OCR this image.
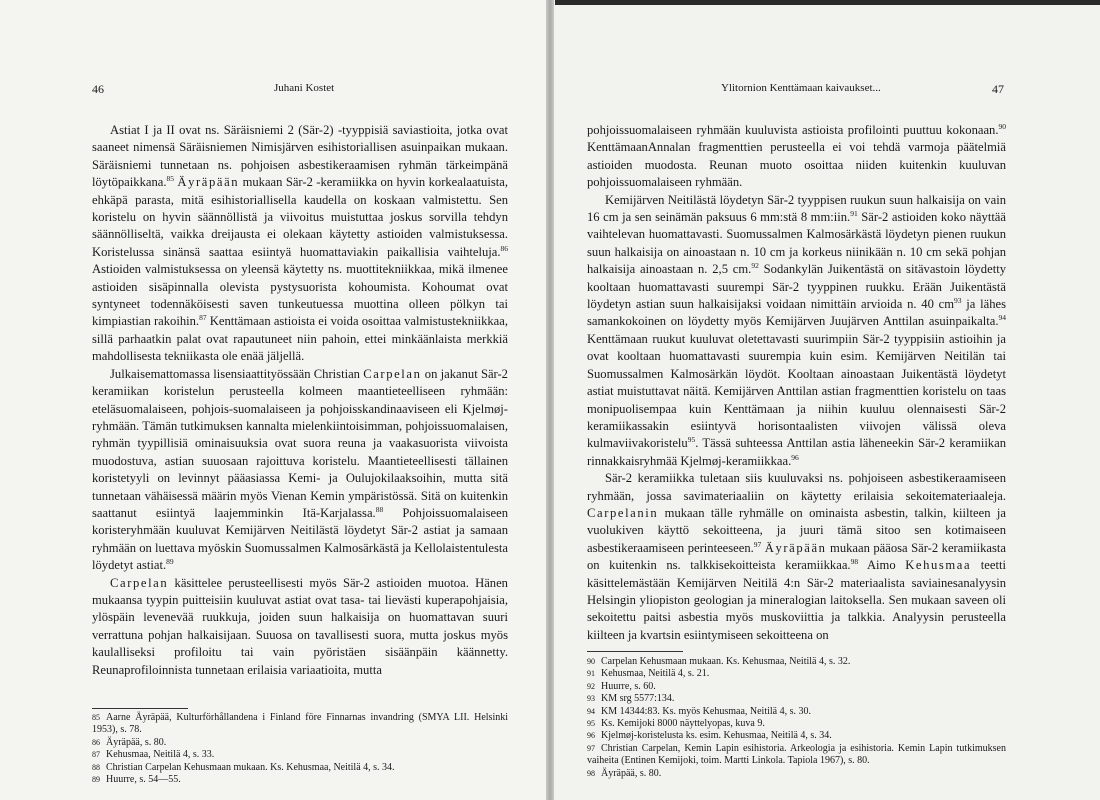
46	Juhani Kostet

Astiat I ja II ovat ns. Säräisniemi 2 (Sär-2) -tyyppisiä saviastioita, jotka ovat saaneet nimensä Säräisniemen Nimisjärven esihistoriallisen asuinpaikan mukaan. Säräisniemi tunnetaan ns. pohjoisen asbestikeraamisen ryhmän tärkeimpänä löytöpaikkana.$^{85}$ Äyräpään mukaan Sär-2 -keramiikka on hyvin korkealaatuista, ehkäpä parasta, mitä esihistoriallisella kaudella on koskaan valmistettu. Sen koristelu on hyvin säännöllistä ja viivoitus muistuttaa joskus sorvilla tehdyn säännölliseltä, vaikka dreijausta ei olekaan käytetty astioiden valmistuksessa. Koristelussa sinänsä saattaa esiintyä huomattaviakin paikallisia vaihteluja.$^{86}$ Astioiden valmistuksessa on yleensä käytetty ns. muottitekniikkaa, mikä ilmenee astioiden sisäpinnalla olevista pystysuorista kohoumista. Kohoumat ovat syntyneet todennäköisesti saven tunkeutuessa muottina olleen pölkyn tai kimpiastian rakoihin.$^{87}$ Kenttämaan astioista ei voida osoittaa valmistustekniikkaa, sillä parhaatkin palat ovat rapautuneet niin pahoin, ettei minkäänlaista merkkiä mahdollisesta tekniikasta ole enää jäljellä.

Julkaisemattomassa lisensiaattityössään Christian Carpelan on jakanut Sär-2 keramiikan koristelun perusteella kolmeen maantieteelliseen ryhmään: eteläsuomalaiseen, pohjois-suomalaiseen ja pohjoisskandinaaviseen eli Kjelmøj-ryhmään. Tämän tutkimuksen kannalta mielenkiintoisimman, pohjoissuomalaisen, ryhmän tyypillisiä ominaisuuksia ovat suora reuna ja vaakasuorista viivoista muodostuva, astian suuosaan rajoittuva koristelu. Maantieteellisesti tällainen koristetyyli on levinnyt pääasiassa Kemi- ja Oulujokilaaksoihin, mutta sitä tunnetaan vähäisessä määrin myös Vienan Kemin ympäristössä. Sitä on kuitenkin saattanut esiintyä laajemminkin Itä-Karjalassa.$^{88}$ Pohjoissuomalaiseen koristeryhmään kuuluvat Kemijärven Neitilästä löydetyt Sär-2 astiat ja samaan ryhmään on luettava myöskin Suomussalmen Kalmosärkästä ja Kellolaistentulesta löydetyt astiat.$^{89}$

Carpelan käsittelee perusteellisesti myös Sär-2 astioiden muotoa. Hänen mukaansa tyypin puitteisiin kuuluvat astiat ovat tasa- tai lievästi kuperapohjaisia, ylöspäin levenevää ruukkuja, joiden suun halkaisija on huomattavan suuri verrattuna pohjan halkaisijaan. Suuosa on tavallisesti suora, mutta joskus myös kaulalliseksi profiloitu tai vain pyöristäen sisäänpäin käännetty. Reunaprofiloinnista tunnetaan erilaisia variaatioita, mutta

85 Aarne Äyräpää, Kulturförhållandena i Finland före Finnarnas invandring (SMYA LII. Helsinki 1953), s. 78.
86 Äyräpää, s. 80.
87 Kehusmaa, Neitilä 4, s. 33.
88 Christian Carpelan Kehusmaan mukaan. Ks. Kehusmaa, Neitilä 4, s. 34.
89 Huurre, s. 54—55.
Ylitornion Kenttämaan kaivaukset...	47

pohjoissuomalaiseen ryhmään kuuluvista astioista profilointi puuttuu kokonaan.$^{90}$ KenttämaanAnnalan fragmenttien perusteella ei voi tehdä varmoja päätelmiä astioiden muodosta. Reunan muoto osoittaa niiden kuitenkin kuuluvan pohjoissuomalaiseen ryhmään.

Kemijärven Neitilästä löydetyn Sär-2 tyyppisen ruukun suun halkaisija on vain 16 cm ja sen seinämän paksuus 6 mm:stä 8 mm:iin.$^{91}$ Sär-2 astioiden koko näyttää vaihtelevan huomattavasti. Suomussalmen Kalmosärkästä löydetyn pienen ruukun suun halkaisija on ainoastaan n. 10 cm ja korkeus niinikään n. 10 cm sekä pohjan halkaisija ainoastaan n. 2,5 cm.$^{92}$ Sodankylän Juikentästä on sitävastoin löydetty kooltaan huomattavasti suurempi Sär-2 tyyppinen ruukku. Erään Juikentästä löydetyn astian suun halkaisijaksi voidaan nimittäin arvioida n. 40 $cm^{93}$ ja lähes samankokoinen on löydetty myös Kemijärven Juujärven Anttilan asuinpaikalta.$^{94}$ Kenttämaan ruukut kuuluvat oletettavasti suurimpiin Sär-2 tyyppisiin astioihin ja ovat kooltaan huomattavasti suurempia kuin esim. Kemijärven Neitilän tai Suomussalmen Kalmosärkän löydöt. Kooltaan ainoastaan Juikentästä löydetyt astiat muistuttavat näitä. Kemijärven Anttilan astian fragmenttien koristelu on taas monipuolisempaa kuin Kenttämaan ja niihin kuuluu olennaisesti Sär-2 keramiikassakin esiintyvä horisontaalisten viivojen välissä oleva kulmaviivakoristelu$^{95}$. Tässä suhteessa Anttilan astia läheneekin Sär-2 keramiikan rinnakkaisryhmää Kjelmøj-keramiikkaa.$^{96}$

Sär-2 keramiikka tuletaan siis kuuluvaksi ns. pohjoiseen asbestikeraamiseen ryhmään, jossa savimateriaaliin on käytetty erilaisia sekoitemateriaaleja. Carpelanin mukaan tälle ryhmälle on ominaista asbestin, talkin, kiilteen ja vuolukiven käyttö sekoitteena, ja juuri tämä sitoo sen kotimaiseen asbestikeraamiseen perinteeseen.$^{97}$ Äyräpään mukaan pääosa Sär-2 keramiikasta on kuitenkin ns. talkkisekoitteista keramiikkaa.$^{98}$ Aimo Kehusmaa teetti käsittelemästään Kemijärven Neitilä 4:n Sär-2 materiaalista saviainesanalyysin Helsingin yliopiston geologian ja mineralogian laitoksella. Sen mukaan saveen oli sekoitettu paitsi asbestia myös muskoviittia ja talkkia. Analyysin perusteella kiilteen ja kvartsin esiintymiseen sekoitteena on

90 Carpelan Kehusmaan mukaan. Ks. Kehusmaa, Neitilä 4, s. 32.
91 Kehusmaa, Neitilä 4, s. 21.
92 Huurre, s. 60.
93 KM srg 5577:134.
94 KM 14344:83. Ks. myös Kehusmaa, Neitilä 4, s. 30.
95 Ks. Kemijoki 8000 näyttelyopas, kuva 9.
96 Kjelmøj-koristelusta ks. esim. Kehusmaa, Neitilä 4, s. 34.
97 Christian Carpelan, Kemin Lapin esihistoria. Arkeologia ja esihistoria. Kemin Lapin tutkimuksen vaiheita (Entinen Kemijoki, toim. Martti Linkola. Tapiola 1967), s. 80.
98 Äyräpää, s. 80.
